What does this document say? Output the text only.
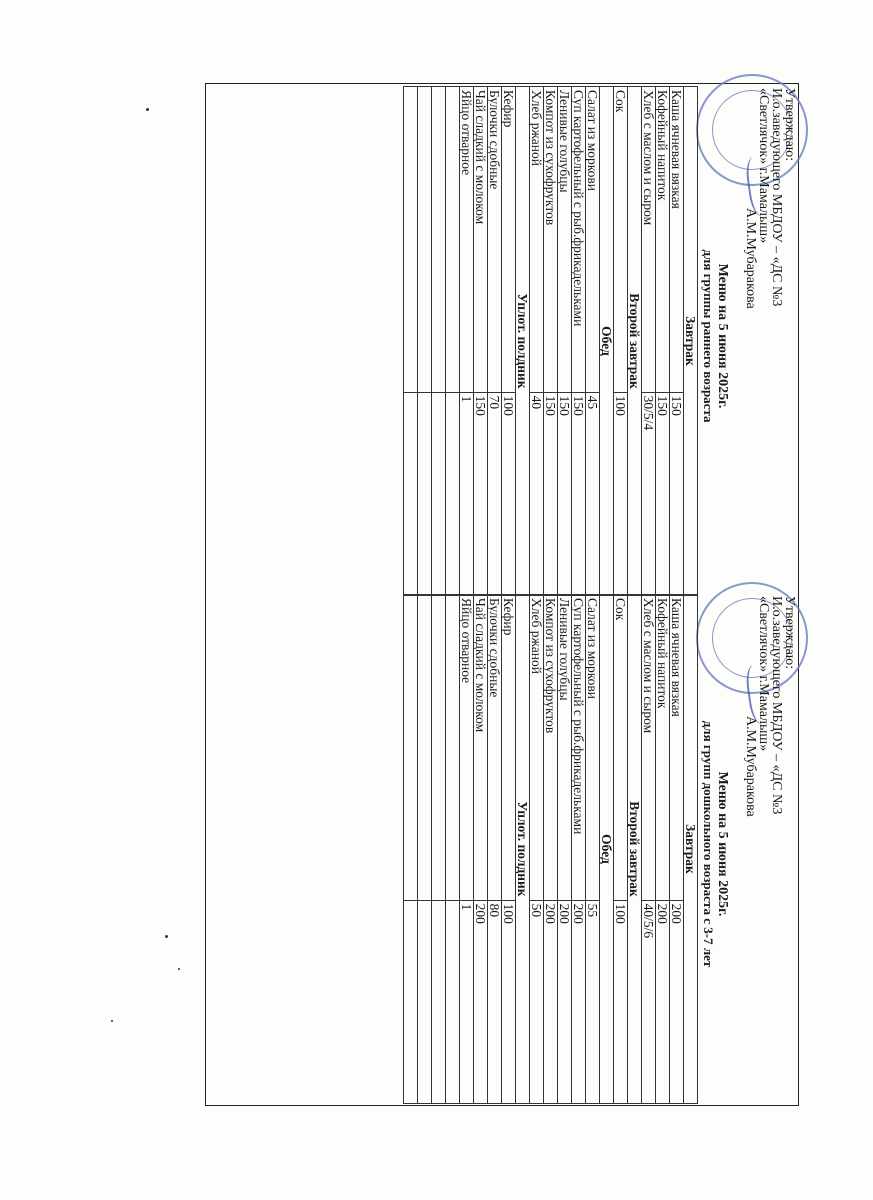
Утверждаю:
И.о.заведующего МБДОУ – «ДС №3
«Светлячок» г.Мамалыш»
А.М.Мубаракова
Меню на 5 июня 2025г.
для группы раннего возраста
Завтрак	
Каша ячневая вязкая	150
Кофейный напиток	150
Хлеб с маслом и сыром	30/5/4
Второй завтрак	
Сок	100
Обед	
Салат из моркови	45
Суп картофельный с рыб.фрикадельками	150
Ленивые голубцы	150
Компот из сухофруктов	150
Хлеб ржаной	40
Уплот. полдник	
Кефир	100
Булочки сдобные	70
Чай сладкий с молоком	150
Яйцо отварное	1

Утверждаю:
И.о.заведующего МБДОУ – «ДС №3
«Светлячок» г.Мамалыш»
А.М.Мубаракова
Меню на 5 июня 2025г.
для групп дошкольного возраста с 3-7 лет
Завтрак	
Каша ячневая вязкая	200
Кофейный напиток	200
Хлеб с маслом и сыром	40/5/6
Второй завтрак	
Сок	100
Обед	
Салат из моркови	55
Суп картофельный с рыб.фрикадельками	200
Ленивые голубцы	200
Компот из сухофруктов	200
Хлеб ржаной	50
Уплот. полдник	
Кефир	100
Булочки сдобные	80
Чай сладкий с молоком	200
Яйцо отварное	1
